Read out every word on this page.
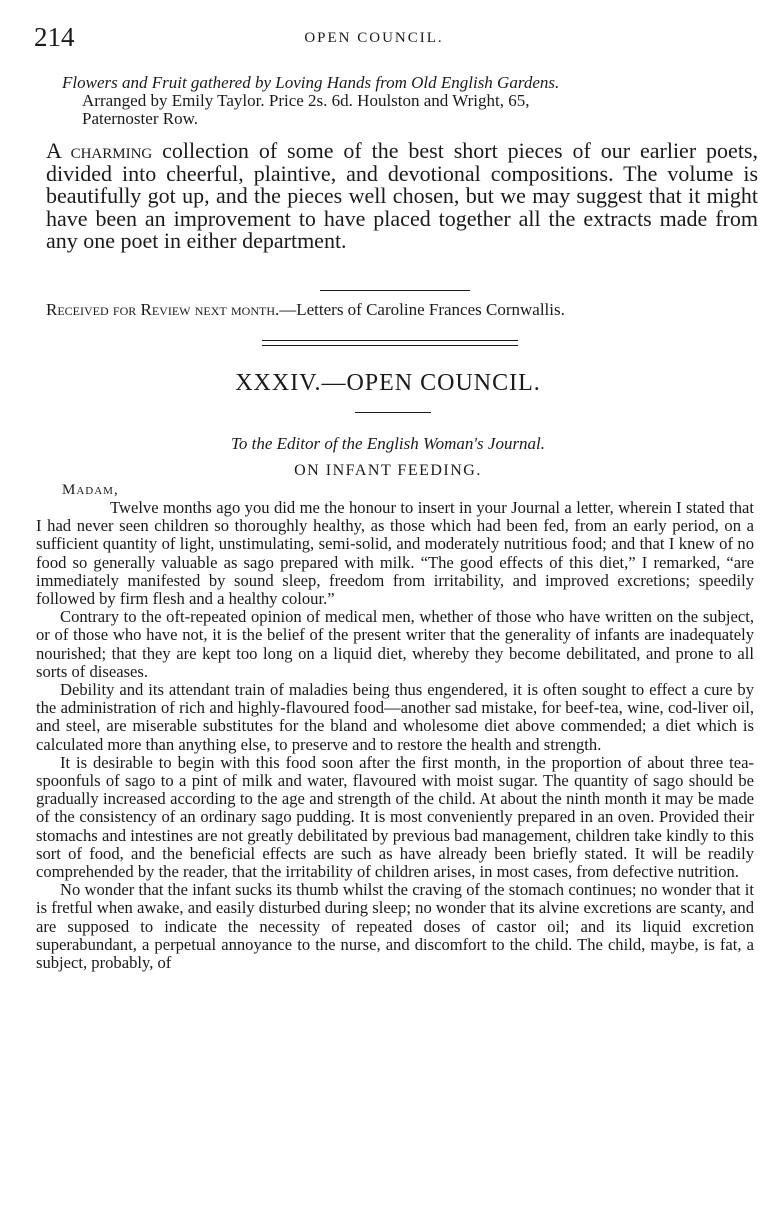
214	OPEN COUNCIL.
Flowers and Fruit gathered by Loving Hands from Old English Gardens.
Arranged by Emily Taylor. Price 2s. 6d. Houlston and Wright, 65,
Paternoster Row.

A charming collection of some of the best short pieces of our earlier poets, divided into cheerful, plaintive, and devotional compositions. The volume is beautifully got up, and the pieces well chosen, but we may suggest that it might have been an improvement to have placed together all the extracts made from any one poet in either department.

Received for Review next month.—Letters of Caroline Frances Cornwallis.
XXXIV.—OPEN COUNCIL.
To the Editor of the English Woman's Journal.
ON INFANT FEEDING.
Madam,

Twelve months ago you did me the honour to insert in your Journal a letter, wherein I stated that I had never seen children so thoroughly healthy, as those which had been fed, from an early period, on a sufficient quantity of light, unstimulating, semi-solid, and moderately nutritious food; and that I knew of no food so generally valuable as sago prepared with milk. “The good effects of this diet,” I remarked, “are immediately manifested by sound sleep, freedom from irritability, and improved excretions; speedily followed by firm flesh and a healthy colour.”

Contrary to the oft-repeated opinion of medical men, whether of those who have written on the subject, or of those who have not, it is the belief of the present writer that the generality of infants are inadequately nourished; that they are kept too long on a liquid diet, whereby they become debilitated, and prone to all sorts of diseases.

Debility and its attendant train of maladies being thus engendered, it is often sought to effect a cure by the administration of rich and highly-flavoured food—another sad mistake, for beef-tea, wine, cod-liver oil, and steel, are miserable substitutes for the bland and wholesome diet above commended; a diet which is calculated more than anything else, to preserve and to restore the health and strength.

It is desirable to begin with this food soon after the first month, in the proportion of about three tea-spoonfuls of sago to a pint of milk and water, flavoured with moist sugar. The quantity of sago should be gradually increased according to the age and strength of the child. At about the ninth month it may be made of the consistency of an ordinary sago pudding. It is most conveniently prepared in an oven. Provided their stomachs and intestines are not greatly debilitated by previous bad management, children take kindly to this sort of food, and the beneficial effects are such as have already been briefly stated. It will be readily comprehended by the reader, that the irritability of children arises, in most cases, from defective nutrition.

No wonder that the infant sucks its thumb whilst the craving of the stomach continues; no wonder that it is fretful when awake, and easily disturbed during sleep; no wonder that its alvine excretions are scanty, and are supposed to indicate the necessity of repeated doses of castor oil; and its liquid excretion superabundant, a perpetual annoyance to the nurse, and discomfort to the child. The child, maybe, is fat, a subject, probably, of
